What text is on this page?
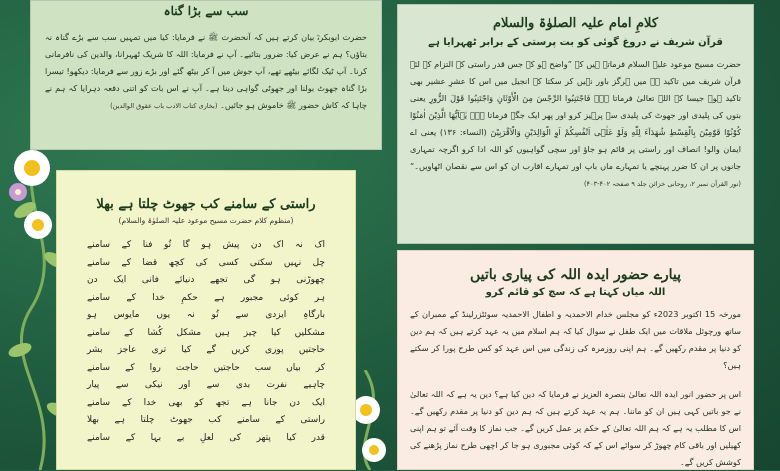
سب سے بڑا گناہ

حضرت ابوبکرہؓ بیان کرتے ہیں کہ آنحضرت ﷺ نے فرمایا: کیا میں تمہیں سب سے بڑے گناہ نہ بتاؤں؟ ہم نے عرض کیا: ضرور بتائیے۔ آپ نے فرمایا: اللہ کا شریک ٹھہرانا، والدین کی نافرمانی کرنا۔ آپ ٹیک لگائے بیٹھے تھے، آپ جوش میں آ کر بیٹھ گئے اور بڑے زور سے فرمایا: دیکھو! تیسرا بڑا گناہ جھوٹ بولنا اور جھوٹی گواہی دینا ہے۔ آپ نے اس بات کو اتنی دفعہ دہرایا کہ ہم نے چاہا کہ کاش حضور ﷺ خاموش ہو جائیں۔ (بخاری کتاب الادب باب عقوق الوالدین)

کلامِ امام علیہ الصلوٰۃ والسلام
قرآن شریف نے دروغ گوئی کو بت پرستی کے برابر ٹھہرایا ہے

حضرت مسیح موعود علیہ السلام فرماتے ہیں کہ ”واضح ہو کہ جس قدر راستی کے التزام کے لئے قرآن شریف میں تاکید ہے میں ہرگز باور نہیں کر سکتا کہ انجیل میں اس کا عشرِ عشیر بھی تاکید ہو۔ جیسا کہ اللہ تعالیٰ فرماتا ہے۔ فَاجْتَنِبُوا الرِّجْسَ مِنَ الْأَوْثَانِ وَاجْتَنِبُوا قَوْلَ الزُّورِ یعنی بتوں کی پلیدی اور جھوٹ کی پلیدی سے پرہیز کرو اور پھر ایک جگہ فرماتا ہے۔ یٰۤاَیُّهَا الَّذِیْنَ اٰمَنُوْا كُوْنُوْا قَوّٰمِیْنَ بِالْقِسْطِ شُهَدَآءَ لِلّٰهِ وَلَوْ عَلٰۤى اَنْفُسِكُمْ اَوِ الْوَالِدَیْنِ وَالْاَقْرَبِیْنَ (النساء: ۱۳۶) یعنی اے ایمان والو! انصاف اور راستی پر قائم ہو جاؤ اور سچی گواہیوں کو اللہ ادا کرو اگرچہ تمہاری جانوں پر ان کا ضرر پہنچے یا تمہارے ماں باپ اور تمہارے اقارب ان کو اس سے نقصان اٹھاویں۔“ (نور القرآن نمبر ۲، روحانی خزائن جلد ۹ صفحہ ۴۰۲-۴۰۳)

راستی کے سامنے کب جھوٹ چلتا ہے بھلا

(منظوم کلام حضرت مسیح موعود علیہ الصلوٰۃ والسلام)

اک نہ اک دن پیش ہو گا تُو فنا کے سامنے
چل نہیں سکتی کسی کی کچھ قضا کے سامنے
چھوڑنی ہو گی تجھے دنیائے فانی ایک دن
ہر کوئی مجبور ہے حکمِ خدا کے سامنے
بارگاہِ ایزدی سے تُو نہ یوں مایوس ہو
مشکلیں کیا چیز ہیں مشکل کُشا کے سامنے
حاجتیں پوری کریں گے کیا تری عاجز بشر
کر بیاں سب حاجتیں حاجت روا کے سامنے
چاہیے نفرت بدی سے اور نیکی سے پیار
ایک دن جانا ہے تجھ کو بھی خدا کے سامنے
راستی کے سامنے کب جھوٹ چلتا ہے بھلا
قدر کیا پتھر کی لعلِ بے بہا کے سامنے
پیارے حضور ایدہ اللہ کی پیاری باتیں
اللہ میاں کہتا ہے کہ سچ کو قائم کرو

مورخہ 15 اکتوبر 2023ء کو مجلس خدام الاحمدیہ و اطفال الاحمدیہ سوئٹزرلینڈ کے ممبران کے ساتھ ورچوئل ملاقات میں ایک طفل نے سوال کیا کہ ہم اسلام میں یہ عہد کرتے ہیں کہ ہم دین کو دنیا پر مقدم رکھیں گے۔ ہم اپنی روزمرہ کی زندگی میں اس عہد کو کس طرح پورا کر سکتے ہیں؟

اس پر حضور انور ایدہ اللہ تعالیٰ بنصرہ العزیز نے فرمایا کہ دین کیا ہے؟ دین یہ ہے کہ اللہ تعالیٰ نے جو باتیں کہی ہیں ان کو ماننا۔ ہم یہ عہد کرتے ہیں کہ ہم دین کو دنیا پر مقدم رکھیں گے۔ اس کا مطلب یہ ہے کہ ہم اللہ تعالیٰ کے حکم پر عمل کریں گے۔ جب نماز کا وقت آئے تو ہم اپنی کھیلیں اور باقی کام چھوڑ کر سوائے اس کے کہ کوئی مجبوری ہو جا کر اچھی طرح نماز پڑھنے کی کوشش کریں گے۔
